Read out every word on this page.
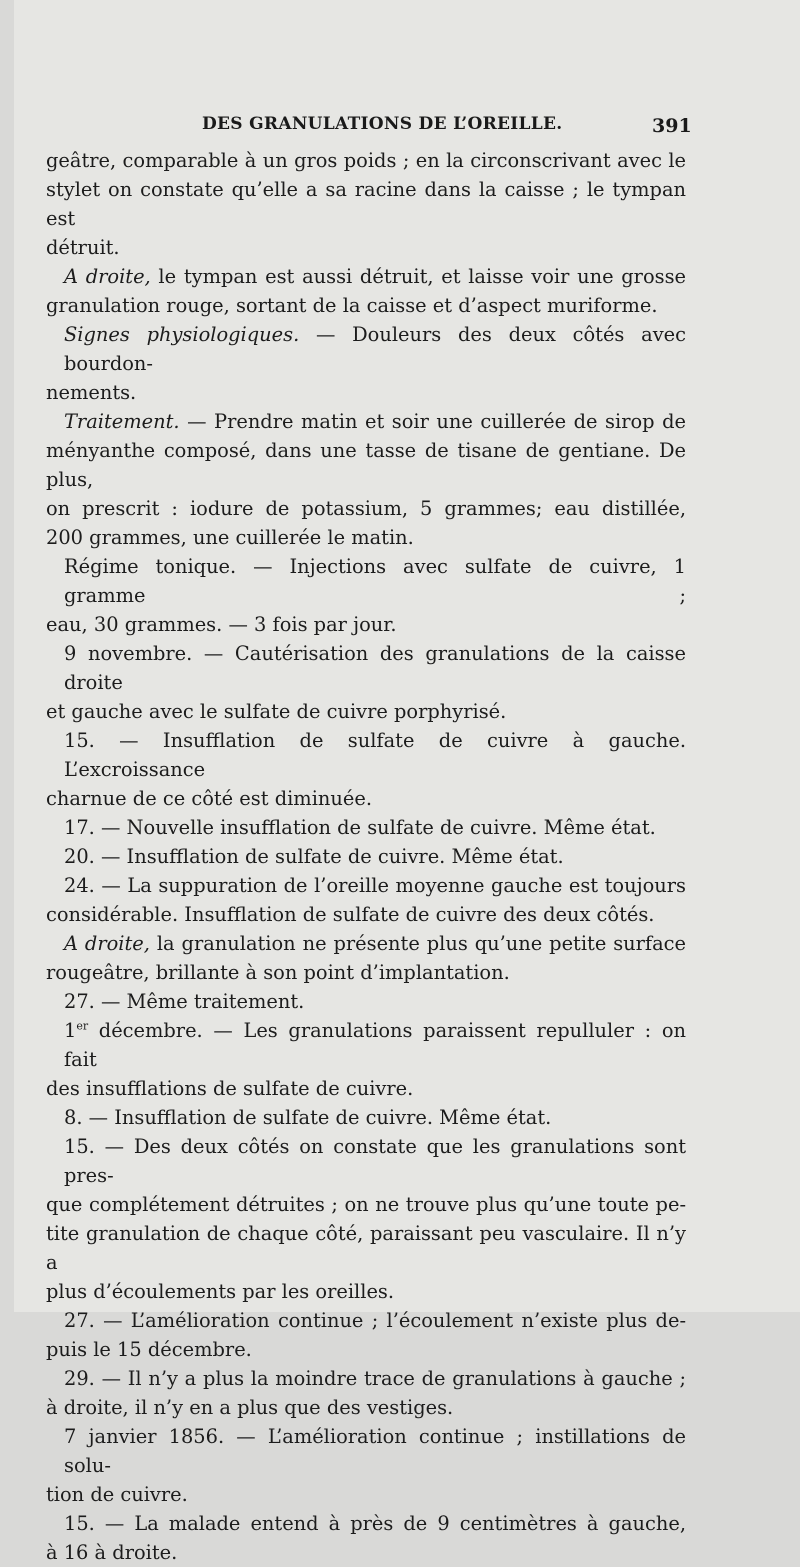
DES GRANULATIONS DE L’OREILLE.	391
geâtre, comparable à un gros poids ; en la circonscrivant avec le
stylet on constate qu’elle a sa racine dans la caisse ; le tympan est
détruit.
A droite, le tympan est aussi détruit, et laisse voir une grosse
granulation rouge, sortant de la caisse et d’aspect muriforme.
Signes physiologiques. — Douleurs des deux côtés avec bourdon-
nements.
Traitement. — Prendre matin et soir une cuillerée de sirop de
ményanthe composé, dans une tasse de tisane de gentiane. De plus,
on prescrit : iodure de potassium, 5 grammes; eau distillée,
200 grammes, une cuillerée le matin.
Régime tonique. — Injections avec sulfate de cuivre, 1 gramme ;
eau, 30 grammes. — 3 fois par jour.
9 novembre. — Cautérisation des granulations de la caisse droite
et gauche avec le sulfate de cuivre porphyrisé.
15. — Insufflation de sulfate de cuivre à gauche. L’excroissance
charnue de ce côté est diminuée.
17. — Nouvelle insufflation de sulfate de cuivre. Même état.
20. — Insufflation de sulfate de cuivre. Même état.
24. — La suppuration de l’oreille moyenne gauche est toujours
considérable. Insufflation de sulfate de cuivre des deux côtés.
A droite, la granulation ne présente plus qu’une petite surface
rougeâtre, brillante à son point d’implantation.
27. — Même traitement.
1er décembre. — Les granulations paraissent repulluler : on fait
des insufflations de sulfate de cuivre.
8. — Insufflation de sulfate de cuivre. Même état.
15. — Des deux côtés on constate que les granulations sont pres-
que complétement détruites ; on ne trouve plus qu’une toute pe-
tite granulation de chaque côté, paraissant peu vasculaire. Il n’y a
plus d’écoulements par les oreilles.
27. — L’amélioration continue ; l’écoulement n’existe plus de-
puis le 15 décembre.
29. — Il n’y a plus la moindre trace de granulations à gauche ;
à droite, il n’y en a plus que des vestiges.
7 janvier 1856. — L’amélioration continue ; instillations de solu-
tion de cuivre.
15. — La malade entend à près de 9 centimètres à gauche,
à 16 à droite.
